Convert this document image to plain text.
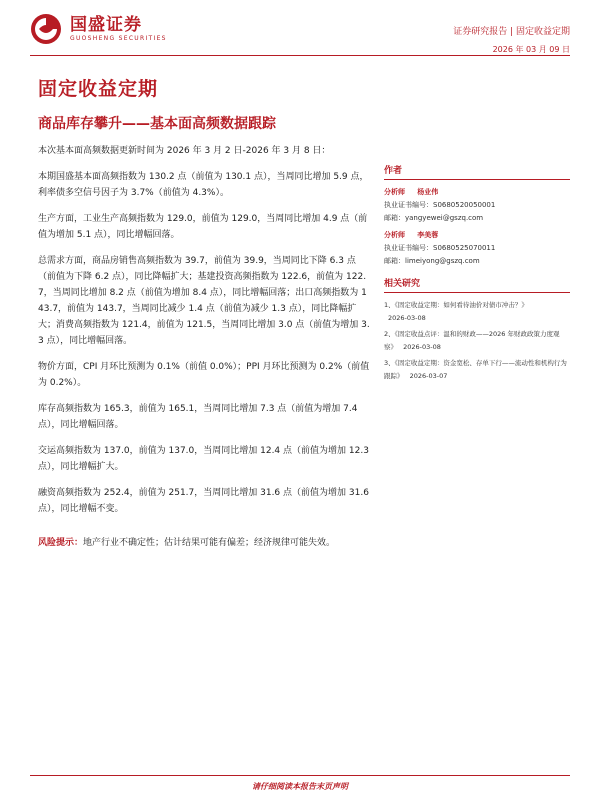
国盛证券
GUOSHENG SECURITIES
证券研究报告 | 固定收益定期
2026 年 03 月 09 日
固定收益定期
商品库存攀升——基本面高频数据跟踪

本次基本面高频数据更新时间为 2026 年 3 月 2 日-2026 年 3 月 8 日：

本期国盛基本面高频指数为 130.2 点（前值为 130.1 点），当周同比增加 5.9 点，利率债多空信号因子为 3.7%（前值为 4.3%）。

生产方面，工业生产高频指数为 129.0，前值为 129.0，当周同比增加 4.9 点（前值为增加 5.1 点），同比增幅回落。

总需求方面，商品房销售高频指数为 39.7，前值为 39.9，当周同比下降 6.3 点（前值为下降 6.2 点），同比降幅扩大；基建投资高频指数为 122.6，前值为 122.7，当周同比增加 8.2 点（前值为增加 8.4 点），同比增幅回落；出口高频指数为 143.7，前值为 143.7，当周同比减少 1.4 点（前值为减少 1.3 点），同比降幅扩大；消费高频指数为 121.4，前值为 121.5，当周同比增加 3.0 点（前值为增加 3.3 点），同比增幅回落。

物价方面，CPI 月环比预测为 0.1%（前值 0.0%）；PPI 月环比预测为 0.2%（前值为 0.2%）。

库存高频指数为 165.3，前值为 165.1，当周同比增加 7.3 点（前值为增加 7.4 点），同比增幅回落。

交运高频指数为 137.0，前值为 137.0，当周同比增加 12.4 点（前值为增加 12.3 点），同比增幅扩大。

融资高频指数为 252.4，前值为 251.7，当周同比增加 31.6 点（前值为增加 31.6 点），同比增幅不变。

风险提示：地产行业不确定性；估计结果可能有偏差；经济规律可能失效。
作者
分析师 杨业伟
执业证书编号：S0680520050001
邮箱：yangyewei@gszq.com
分析师 李美蓉
执业证书编号：S0680525070011
邮箱：limeiyong@gszq.com
相关研究
1、《固定收益定期：如何看待油价对债市冲击？》
2026-03-08
2、《固定收益点评：温和的财政——2026 年财政政策力度观察》 2026-03-08
3、《固定收益定期：资金宽松、存单下行——流动性和机构行为跟踪》 2026-03-07
请仔细阅读本报告末页声明
